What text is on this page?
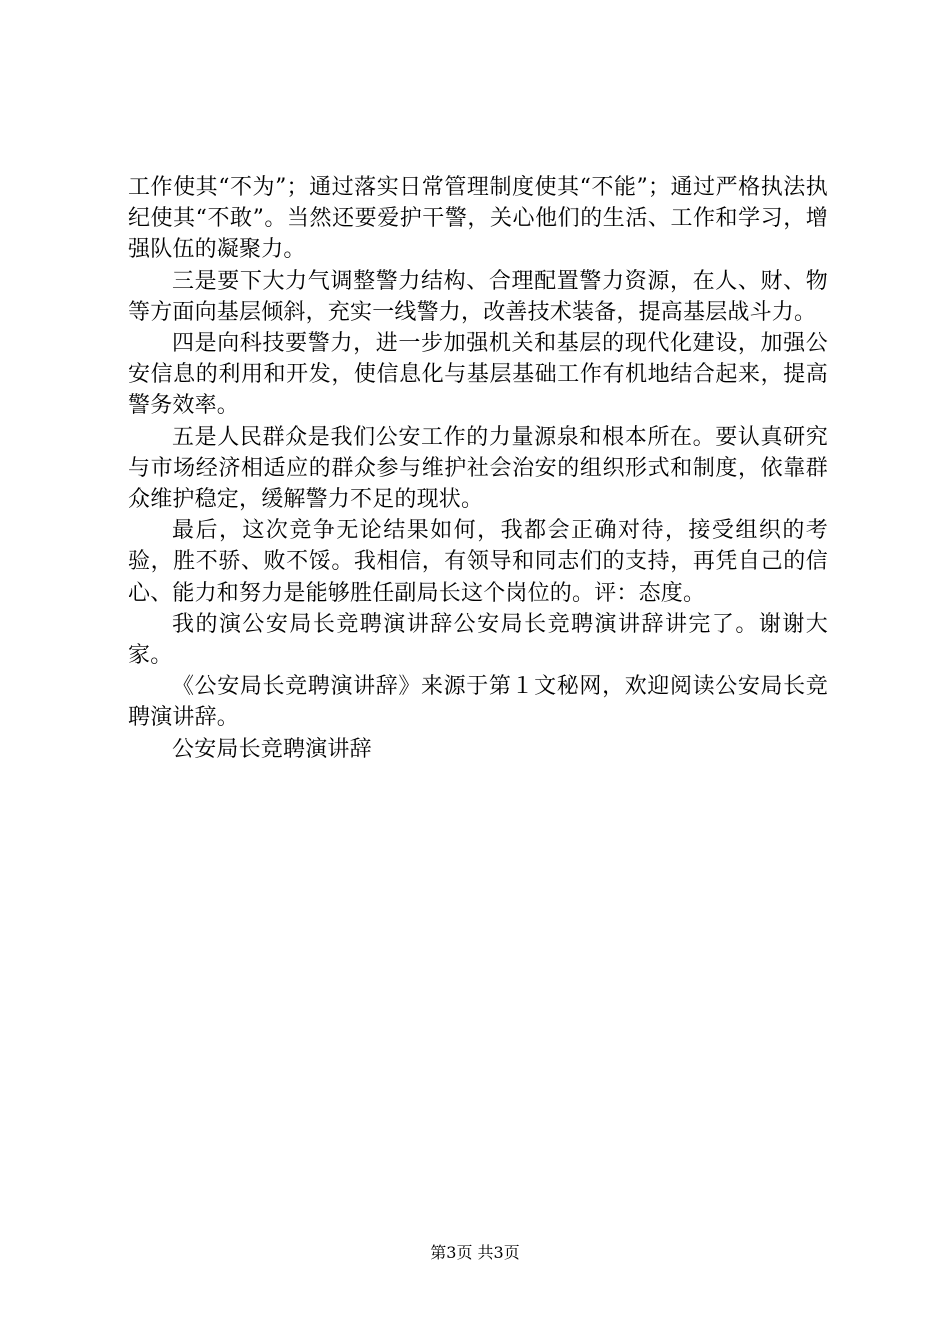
工作使其“不为”；通过落实日常管理制度使其“不能”；通过严格执法执纪使其“不敢”。当然还要爱护干警，关心他们的生活、工作和学习，增强队伍的凝聚力。

三是要下大力气调整警力结构、合理配置警力资源，在人、财、物等方面向基层倾斜，充实一线警力，改善技术装备，提高基层战斗力。

四是向科技要警力，进一步加强机关和基层的现代化建设，加强公安信息的利用和开发，使信息化与基层基础工作有机地结合起来，提高警务效率。

五是人民群众是我们公安工作的力量源泉和根本所在。要认真研究与市场经济相适应的群众参与维护社会治安的组织形式和制度，依靠群众维护稳定，缓解警力不足的现状。

最后，这次竞争无论结果如何，我都会正确对待，接受组织的考验，胜不骄、败不馁。我相信，有领导和同志们的支持，再凭自己的信心、能力和努力是能够胜任副局长这个岗位的。评：态度。

我的演公安局长竞聘演讲辞公安局长竞聘演讲辞讲完了。谢谢大家。

《公安局长竞聘演讲辞》来源于第１文秘网，欢迎阅读公安局长竞聘演讲辞。

公安局长竞聘演讲辞

第3页 共3页
